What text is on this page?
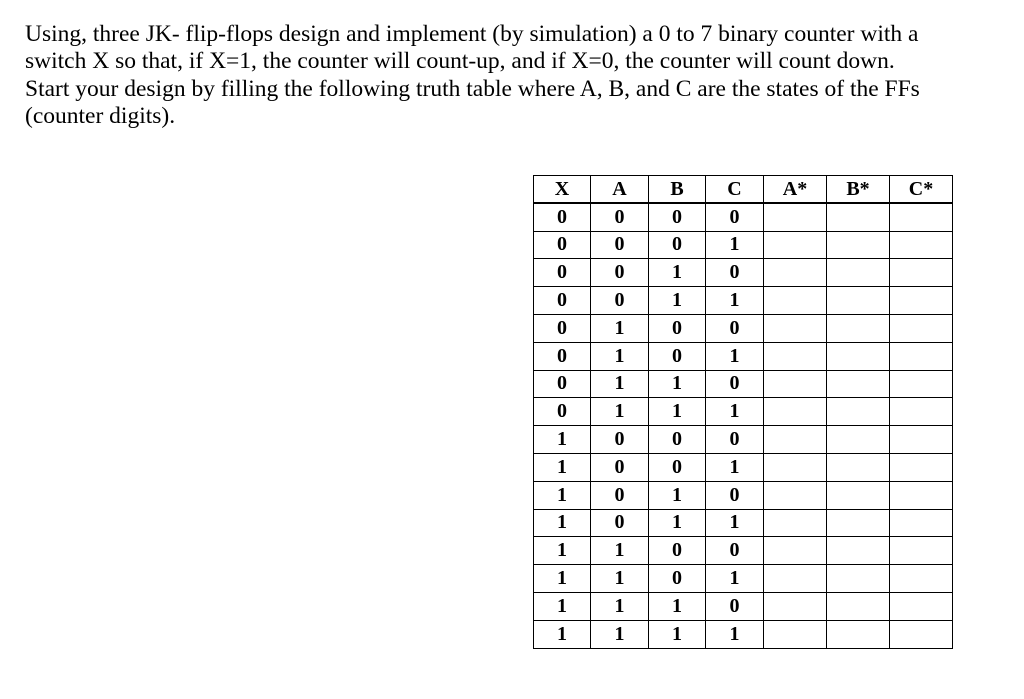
Using, three JK- flip-flops design and implement (by simulation) a 0 to 7 binary counter with a
switch X so that, if X=1, the counter will count-up, and if X=0, the counter will count down.
Start your design by filling the following truth table where A, B, and C are the states of the FFs
(counter digits).
X	A	B	C	A*	B*	C*
0	0	0	0			
0	0	0	1			
0	0	1	0			
0	0	1	1			
0	1	0	0			
0	1	0	1			
0	1	1	0			
0	1	1	1			
1	0	0	0			
1	0	0	1			
1	0	1	0			
1	0	1	1			
1	1	0	0			
1	1	0	1			
1	1	1	0			
1	1	1	1			
